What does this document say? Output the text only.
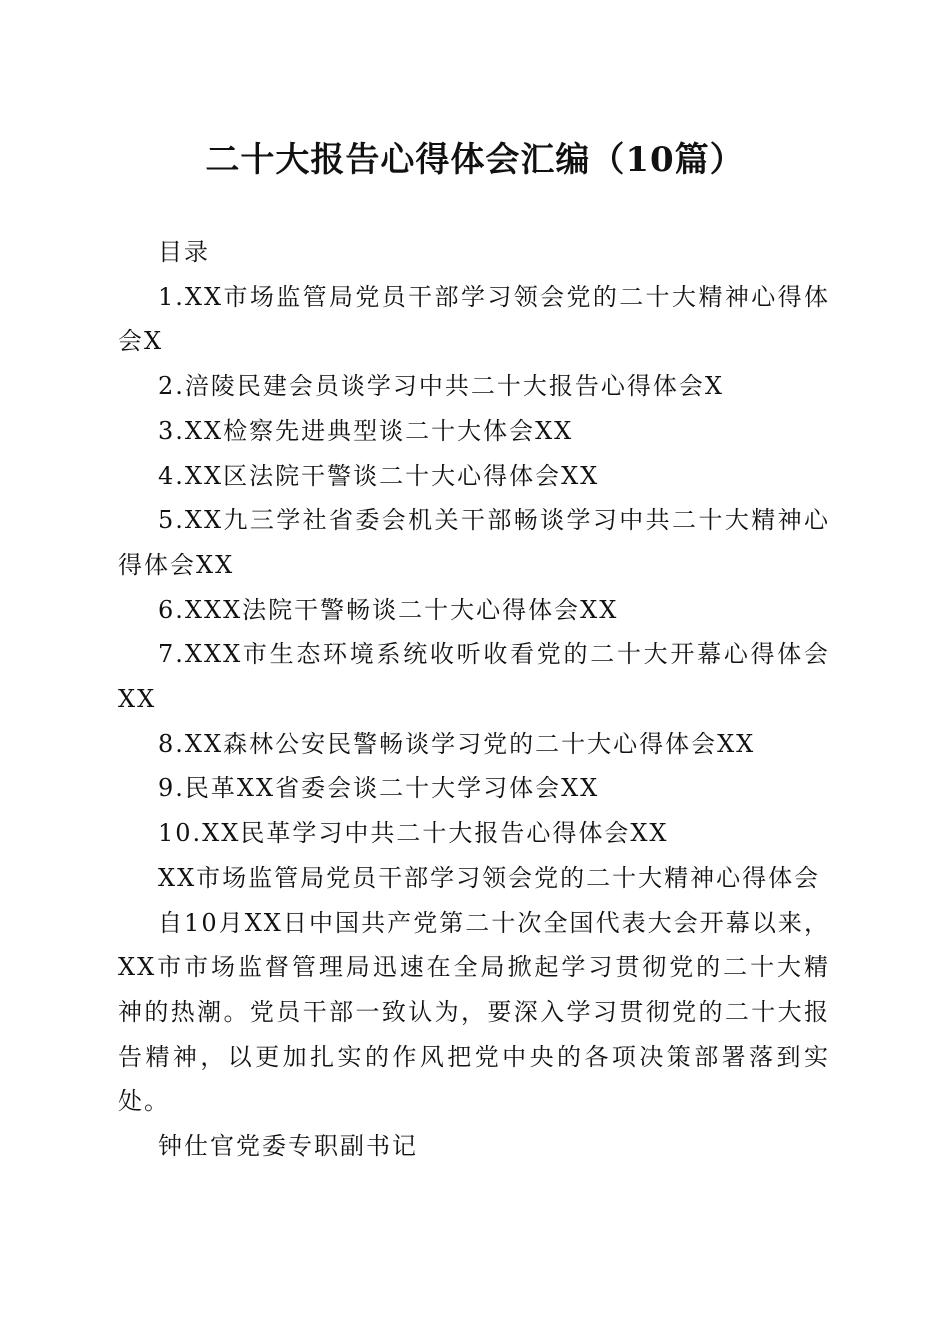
二十大报告心得体会汇编（10篇）

目录

1.XX市场监管局党员干部学习领会党的二十大精神心得体会X

2.涪陵民建会员谈学习中共二十大报告心得体会X

3.XX检察先进典型谈二十大体会XX

4.XX区法院干警谈二十大心得体会XX

5.XX九三学社省委会机关干部畅谈学习中共二十大精神心得体会XX

6.XXX法院干警畅谈二十大心得体会XX

7.XXX市生态环境系统收听收看党的二十大开幕心得体会XX

8.XX森林公安民警畅谈学习党的二十大心得体会XX

9.民革XX省委会谈二十大学习体会XX

10.XX民革学习中共二十大报告心得体会XX

XX市场监管局党员干部学习领会党的二十大精神心得体会

自10月XX日中国共产党第二十次全国代表大会开幕以来，XX市市场监督管理局迅速在全局掀起学习贯彻党的二十大精神的热潮。党员干部一致认为，要深入学习贯彻党的二十大报告精神，以更加扎实的作风把党中央的各项决策部署落到实处。

钟仕官党委专职副书记
